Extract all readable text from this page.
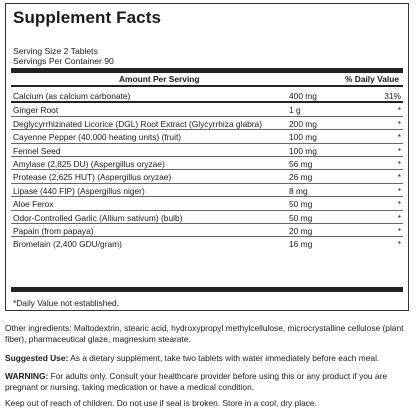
Supplement Facts
Serving Size 2 Tablets
Servings Per Container 90
Amount Per Serving	% Daily Value
Calcium (as calcium carbonate)	400 mg	31%
Ginger Root	1 g	*
Deglycyrrhizinated Licorice (DGL) Root Extract (Glycyrrhiza glabra)	200 mg	*
Cayenne Pepper (40,000 heating units) (fruit)	100 mg	*
Fennel Seed	100 mg	*
Amylase (2,825 DU) (Aspergillus oryzae)	56 mg	*
Protease (2,625 HUT) (Aspergillus oryzae)	26 mg	*
Lipase (440 FIP) (Aspergillus niger)	8 mg	*
Aloe Ferox	50 mg	*
Odor-Controlled Garlic (Allium sativum) (bulb)	50 mg	*
Papain (from papaya)	20 mg	*
Bromelain (2,400 GDU/gram)	16 mg	*
*Daily Value not established.
Other ingredients: Maltodextrin, stearic acid, hydroxypropyl methylcellulose, microcrystalline cellulose (plant fiber), pharmaceutical glaze, magnesium stearate.
Suggested Use: As a dietary supplement, take two tablets with water immediately before each meal.
WARNING: For adults only. Consult your healthcare provider before using this or any product if you are pregnant or nursing, taking medication or have a medical condition.
Keep out of reach of children. Do not use if seal is broken. Store in a cool, dry place.
